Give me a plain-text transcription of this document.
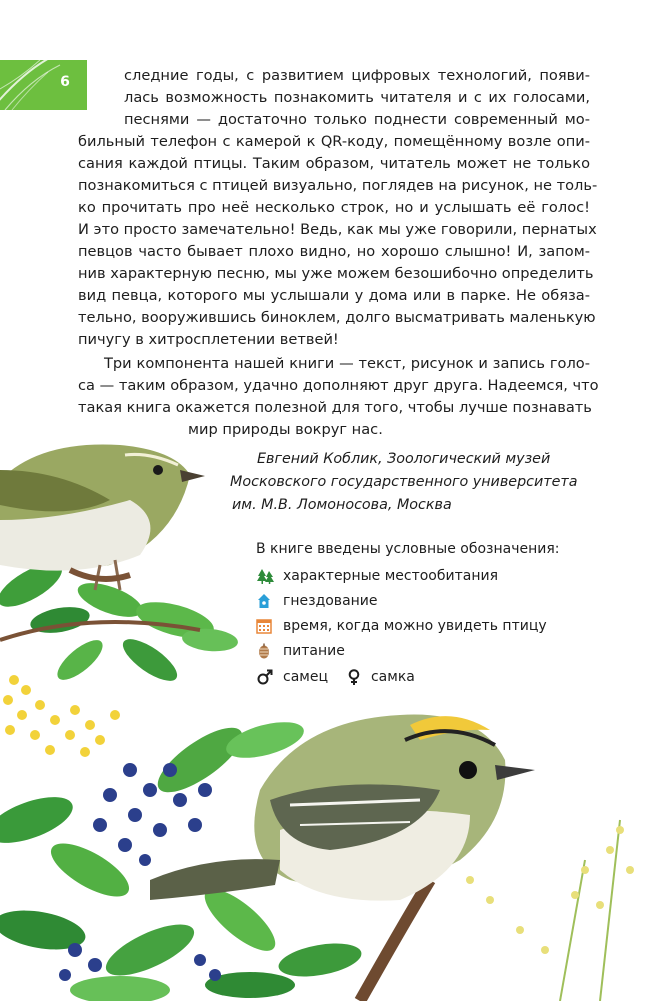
6	следние годы, с развитием цифровых технологий, появи-
лась возможность познакомить читателя и с их голосами,
песнями — достаточно только поднести современный мо-
бильный телефон с камерой к QR-коду, помещённому возле опи-
сания каждой птицы. Таким образом, читатель может не только
познакомиться с птицей визуально, поглядев на рисунок, не толь-
ко прочитать про неё несколько строк, но и услышать её голос!
И это просто замечательно! Ведь, как мы уже говорили, пернатых
певцов часто бывает плохо видно, но хорошо слышно! И, запом-
нив характерную песню, мы уже можем безошибочно определить
вид певца, которого мы услышали у дома или в парке. Не обяза-
тельно, вооружившись биноклем, долго высматривать маленькую
пичугу в хитросплетении ветвей!
Три компонента нашей книги — текст, рисунок и запись голо-
са — таким образом, удачно дополняют друг друга. Надеемся, что
такая книга окажется полезной для того, чтобы лучше познавать
мир природы вокруг нас.
Евгений Коблик, Зоологический музей
Московского государственного университета
им. М.В. Ломоносова, Москва
В книге введены условные обозначения:
характерные местообитания
гнездование
время, когда можно увидеть птицу
питание
самец	самка
